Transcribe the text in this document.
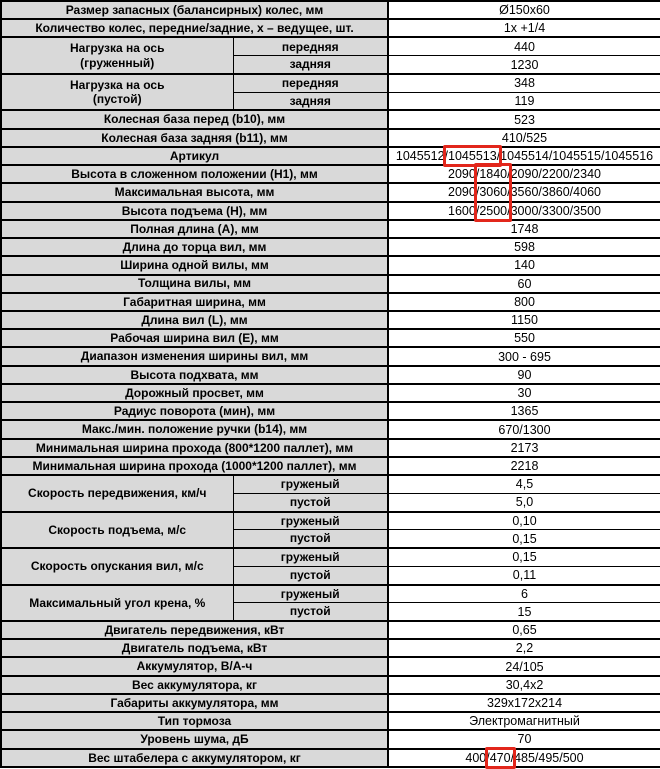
Размер запасных (балансирных) колес, мм		Ø150x60
Количество колес, передние/задние, x – ведущее, шт.		1x +1/4

Нагрузка на ось
(груженный)	передняя	440
	задняя	1230

Нагрузка на ось
(пустой)	передняя	348
	задняя	119
Колесная база перед (b10), мм		523
Колесная база задняя (b11), мм		410/525
Артикул		1045512/1045513/1045514/1045515/1045516
Высота в сложенном положении (H1), мм		2090/1840/2090/2200/2340
Максимальная высота, мм		2090/3060/3560/3860/4060
Высота подъема (H), мм		1600/2500/3000/3300/3500
Полная длина (A), мм		1748
Длина до торца вил, мм		598
Ширина одной вилы, мм		140
Толщина вилы, мм		60
Габаритная ширина, мм		800
Длина вил (L), мм		1150
Рабочая ширина вил (E), мм		550
Диапазон изменения ширины вил, мм		300 - 695
Высота подхвата, мм		90
Дорожный просвет, мм		30
Радиус поворота (мин), мм		1365
Макс./мин. положение ручки (b14), мм		670/1300
Минимальная ширина прохода (800*1200 паллет), мм		2173
Минимальная ширина прохода (1000*1200 паллет), мм		2218

Скорость передвижения, км/ч	груженый	4,5
	пустой	5,0

Скорость подъема, м/с	груженый	0,10
	пустой	0,15

Скорость опускания вил, м/с	груженый	0,15
	пустой	0,11

Максимальный угол крена, %	груженый	6
	пустой	15
Двигатель передвижения, кВт		0,65
Двигатель подъема, кВт		2,2
Аккумулятор, В/А-ч		24/105
Вес аккумулятора, кг		30,4x2
Габариты аккумулятора, мм		329x172x214
Тип тормоза		Электромагнитный
Уровень шума, дБ		70
Вес штабелера с аккумулятором, кг		400/470/485/495/500
